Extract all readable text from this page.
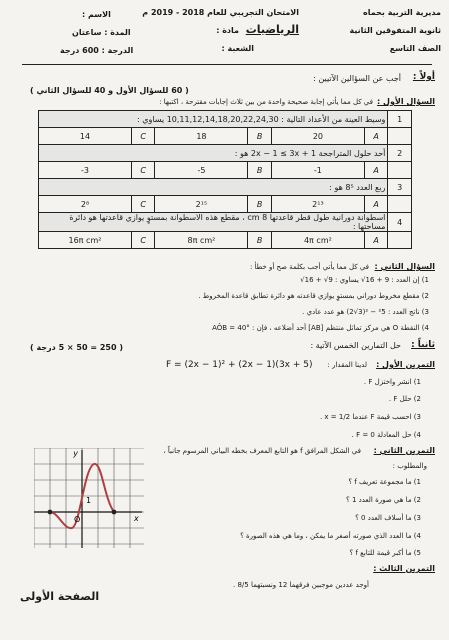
مديرية التربية بحماه
ثانوية المتفوقين الثانية
الصف التاسع
الامتحان التجريبي للعام 2018 - 2019 م
مادة : الرياضيات
الشعبة :
الاسم :
المدة : ساعتان
الدرجة : 600 درجة
أولاً :
أجب عن السؤالين الآتيين :
( 60 للسؤال الأول و 40 للسؤال الثاني )
السؤال الأول :
في كل مما يأتي إجابة صحيحة واحدة من بين ثلاث إجابات مقترحة ، اكتبها :
وسيط العينة من الأعداد التالية : 10,11,12,14,18,20,22,24,30 يساوي :						1
14	C	18	B	20	A	
أحد حلول المتراجحة 2x − 1 ≤ 3x + 1 هو :						2
-3	C	-5	B	-1	A	
ربع العدد 8⁵ هو :						3
2⁸	C	2¹⁵	B	2¹³	A	
اسطوانة دورانية طول قطر قاعدتها 8 cm ، مقطع هذه الاسطوانة بمستوٍ يوازي قاعدتها هو دائرة مساحتها :						4
16π cm²	C	8π cm²	B	4π cm²	A	
السؤال الثاني :
في كل مما يأتي أجب بكلمة صح أو خطأ :
1) إن العدد : 9 + 16√ يساوي : 9√ + 16√
2) مقطع مخروط دوراني بمستوٍ يوازي قاعدته هو دائرة تطابق قاعدة المخروط .
3) ناتج العدد : ²5 − ²(3√2) هو عدد عادي .
4) النقطة O هي مركز تماثل منتظم [AB] أحد أضلاعه ، فإن : AÔB = 40°
ثانياً :
حل التمارين الخمس الآتية :
( 250 = 50 × 5 درجة )
التمرين الأول :
لدينا المقدار :
F = (2x − 1)² + (2x − 1)(3x + 5)
1) انشر واختزل F .
2) حلل F .
3) احسب قيمة F عندما x = 1/2 .
4) حل المعادلة F = 0 .
التمرين الثاني :
في الشكل المرافق f هو التابع المعرف بخطه البياني المرسوم جانباً ،
والمطلوب :
1) ما مجموعة تعريف f ؟
2) ما هي صورة العدد 1 ؟
3) ما أسلاف العدد 0 ؟
4) ما العدد الذي صورته أصغر ما يمكن ، وما هي هذه الصورة ؟
5) ما أكبر قيمة للتابع f ؟
التمرين الثالث :
أوجد عددين موجبين فرقهما 12 ونسبتهما 8/5 .
y
x
O
1
الصفحة الأولى
